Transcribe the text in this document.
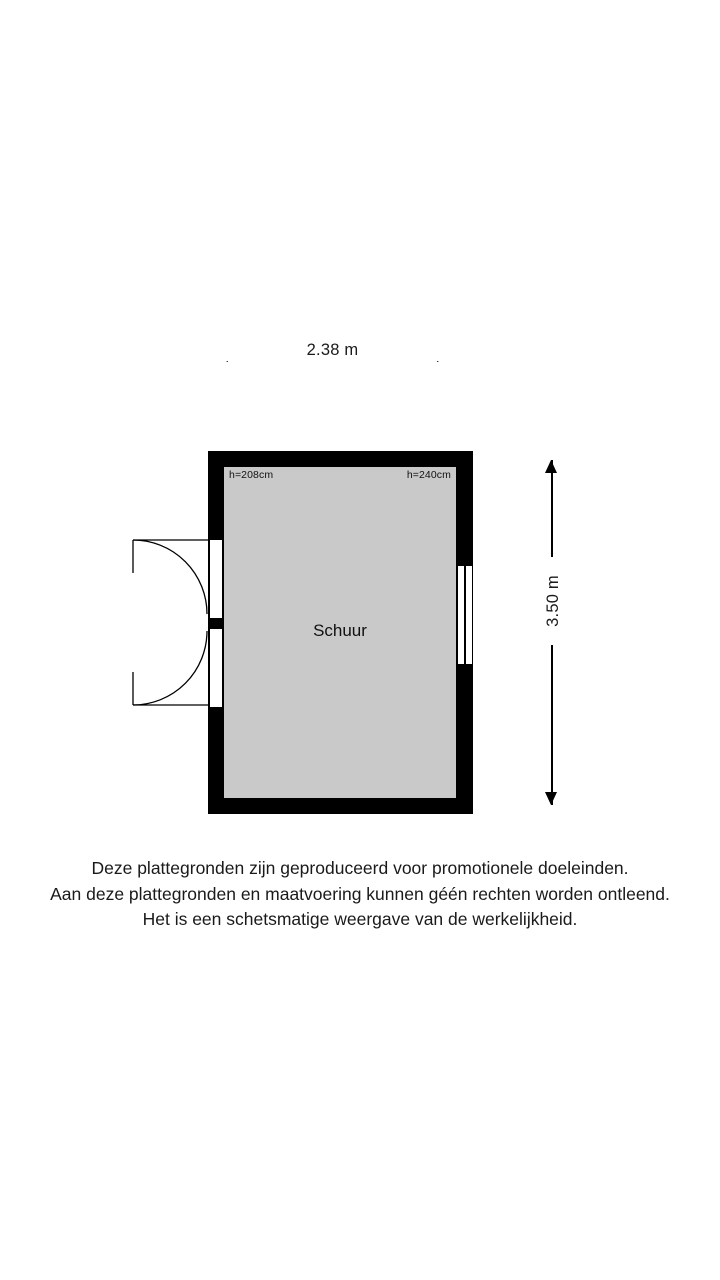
2.38 m
3.50 m
h=208cm	h=240cm
Schuur
Deze plattegronden zijn geproduceerd voor promotionele doeleinden.
Aan deze plattegronden en maatvoering kunnen géén rechten worden ontleend.
Het is een schetsmatige weergave van de werkelijkheid.
